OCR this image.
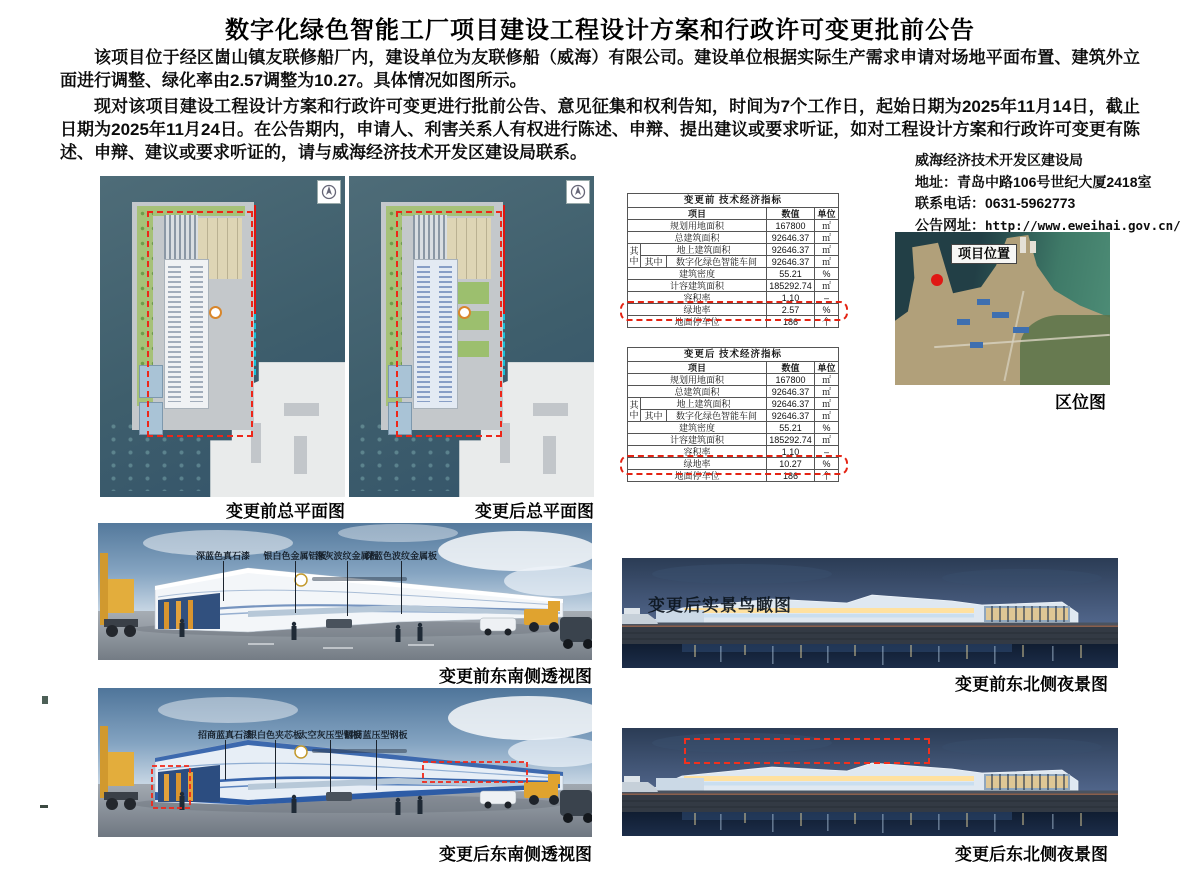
数字化绿色智能工厂项目建设工程设计方案和行政许可变更批前公告

该项目位于经区崮山镇友联修船厂内，建设单位为友联修船（威海）有限公司。建设单位根据实际生产需求申请对场地平面布置、建筑外立面进行调整、绿化率由2.57调整为10.27。具体情况如图所示。

现对该项目建设工程设计方案和行政许可变更进行批前公告、意见征集和权利告知，时间为7个工作日，起始日期为2025年11月14日，截止日期为2025年11月24日。在公告期内，申请人、利害关系人有权进行陈述、申辩、提出建议或要求听证，如对工程设计方案和行政许可变更有陈述、申辩、建议或要求听证的，请与威海经济技术开发区建设局联系。	威海经济技术开发区建设局
地址：青岛中路106号世纪大厦2418室
联系电话：0631-5962773
公告网址：http://www.eweihai.gov.cn/
变更前总平面图	变更后总平面图
变更前 技术经济指标				
项目			数值	单位
规划用地面积			167800	㎡
总建筑面积			92646.37	㎡
其中	地上建筑面积		92646.37	㎡
	其中	数字化绿色智能车间	92646.37	㎡
建筑密度			55.21	%
计容建筑面积			185292.74	㎡
容积率			1.10	–
绿地率			2.57	%
地面停车位			186	个
变更后 技术经济指标				
项目			数值	单位
规划用地面积			167800	㎡
总建筑面积			92646.37	㎡
其中	地上建筑面积		92646.37	㎡
	其中	数字化绿色智能车间	92646.37	㎡
建筑密度			55.21	%
计容建筑面积			185292.74	㎡
容积率			1.10	–
绿地率			10.27	%
地面停车位			186	个
项目位置
区位图
深蓝色真石漆 银白色金属铝板
深灰波纹金属板
深蓝色波纹金属板
变更前东南侧透视图
招商蓝真石漆
银白色夹芯板
太空灰压型钢板
招商蓝压型钢板
变更后东南侧透视图
变更后实景鸟瞰图
变更前东北侧夜景图
变更后东北侧夜景图
